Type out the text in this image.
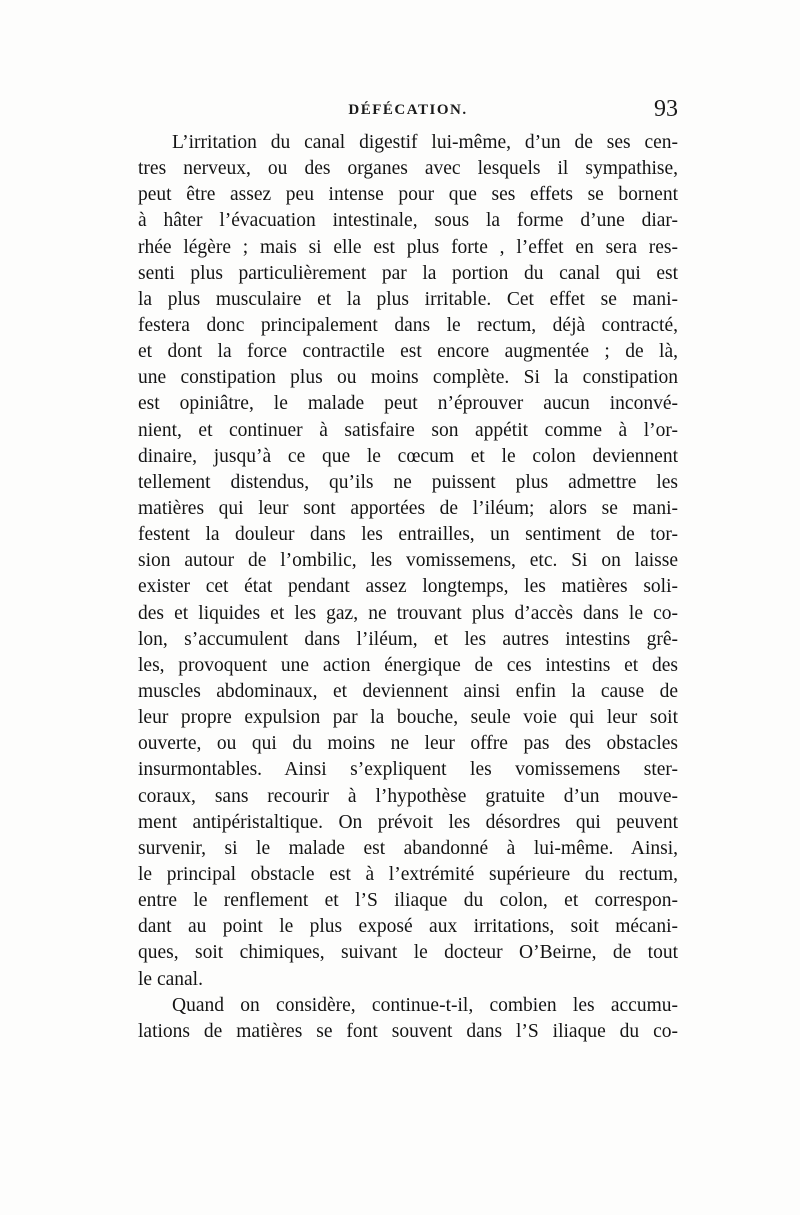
DÉFÉCATION.	93
L’irritation du canal digestif lui-même, d’un de ses cen-
tres nerveux, ou des organes avec lesquels il sympathise,
peut être assez peu intense pour que ses effets se bornent
à hâter l’évacuation intestinale, sous la forme d’une diar-
rhée légère ; mais si elle est plus forte , l’effet en sera res-
senti plus particulièrement par la portion du canal qui est
la plus musculaire et la plus irritable. Cet effet se mani-
festera donc principalement dans le rectum, déjà contracté,
et dont la force contractile est encore augmentée ; de là,
une constipation plus ou moins complète. Si la constipation
est opiniâtre, le malade peut n’éprouver aucun inconvé-
nient, et continuer à satisfaire son appétit comme à l’or-
dinaire, jusqu’à ce que le cœcum et le colon deviennent
tellement distendus, qu’ils ne puissent plus admettre les
matières qui leur sont apportées de l’iléum; alors se mani-
festent la douleur dans les entrailles, un sentiment de tor-
sion autour de l’ombilic, les vomissemens, etc. Si on laisse
exister cet état pendant assez longtemps, les matières soli-
des et liquides et les gaz, ne trouvant plus d’accès dans le co-
lon, s’accumulent dans l’iléum, et les autres intestins grê-
les, provoquent une action énergique de ces intestins et des
muscles abdominaux, et deviennent ainsi enfin la cause de
leur propre expulsion par la bouche, seule voie qui leur soit
ouverte, ou qui du moins ne leur offre pas des obstacles
insurmontables. Ainsi s’expliquent les vomissemens ster-
coraux, sans recourir à l’hypothèse gratuite d’un mouve-
ment antipéristaltique. On prévoit les désordres qui peuvent
survenir, si le malade est abandonné à lui-même. Ainsi,
le principal obstacle est à l’extrémité supérieure du rectum,
entre le renflement et l’S iliaque du colon, et correspon-
dant au point le plus exposé aux irritations, soit mécani-
ques, soit chimiques, suivant le docteur O’Beirne, de tout
le canal.
Quand on considère, continue-t-il, combien les accumu-
lations de matières se font souvent dans l’S iliaque du co-
